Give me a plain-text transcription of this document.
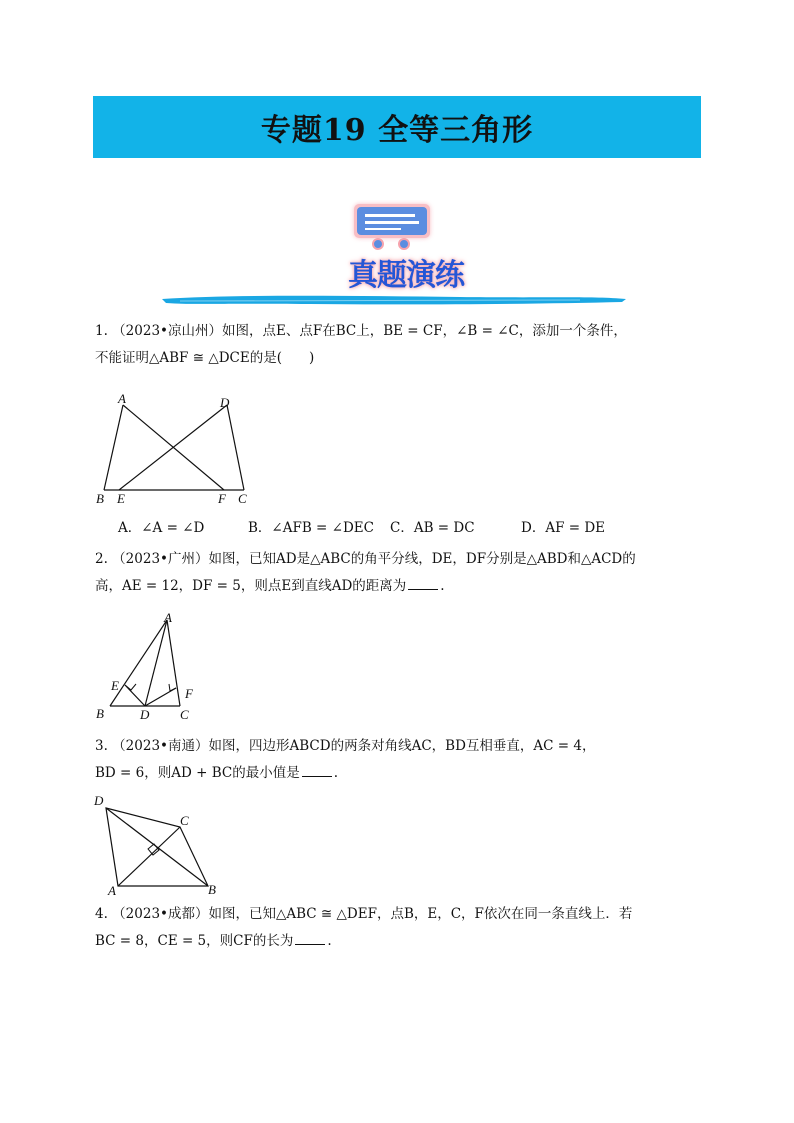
专题19 全等三角形
真题演练
1. （2023•凉山州）如图，点E、点F在BC上，BE = CF，∠B = ∠C，添加一个条件，
不能证明△ABF ≅ △DCE的是(　　)
A	D
B E	F C
A．∠A = ∠D	B．∠AFB = ∠DEC C．AB = DC	D．AF = DE
2. （2023•广州）如图，已知AD是△ABC的角平分线，DE，DF分别是△ABD和△ACD的
高，AE = 12，DF = 5，则点E到直线AD的距离为	.
A
E
F
B	D C
3. （2023•南通）如图，四边形ABCD的两条对角线AC，BD互相垂直，AC = 4，
BD = 6，则AD + BC的最小值是	.
D
C
A	B
4. （2023•成都）如图，已知△ABC ≅ △DEF，点B，E，C，F依次在同一条直线上．若
BC = 8，CE = 5，则CF的长为	.
